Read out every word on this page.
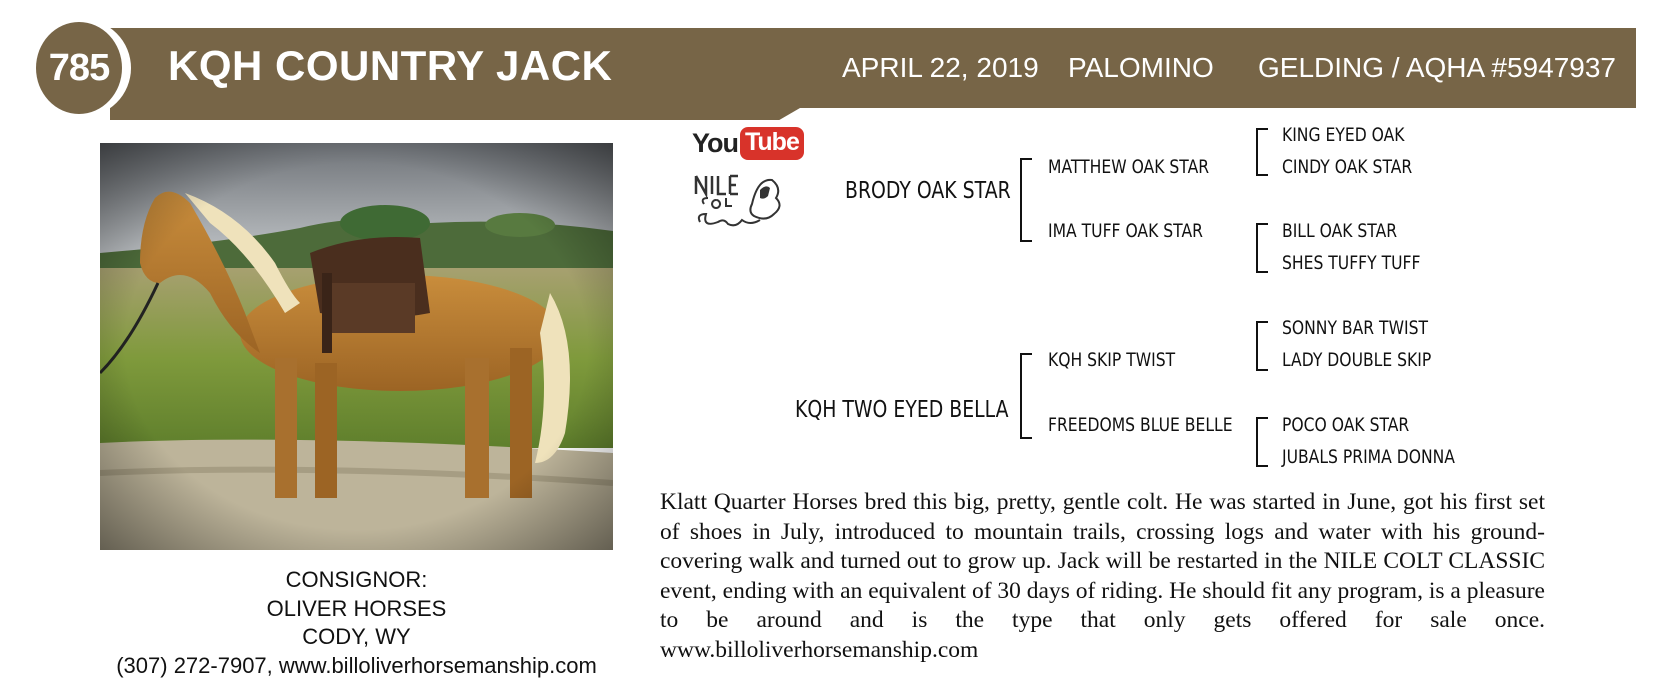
785 KQH COUNTRY JACK	APRIL 22, 2019 PALOMINO GELDING / AQHA #5947937
CONSIGNOR:
OLIVER HORSES
CODY, WY
(307) 272-7907, www.billoliverhorsemanship.com
You Tube
BRODY OAK STAR
KQH TWO EYED BELLA
MATTHEW OAK STAR
IMA TUFF OAK STAR
KQH SKIP TWIST
FREEDOMS BLUE BELLE
KING EYED OAK
CINDY OAK STAR
BILL OAK STAR
SHES TUFFY TUFF
SONNY BAR TWIST
LADY DOUBLE SKIP
POCO OAK STAR
JUBALS PRIMA DONNA

Klatt Quarter Horses bred this big, pretty, gentle colt. He was started in June, got his first set of shoes in July, introduced to mountain trails, crossing logs and water with his ground-covering walk and turned out to grow up. Jack will be restarted in the NILE COLT CLASSIC event, ending with an equivalent of 30 days of riding. He should fit any program, is a pleasure to be around and is the type that only gets offered for sale once. www.billoliverhorsemanship.com
